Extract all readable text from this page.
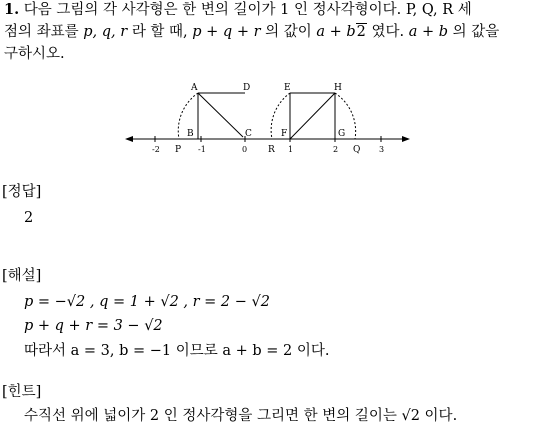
1. 다음 그림의 각 사각형은 한 변의 길이가 1 인 정사각형이다. P, Q, R 세
점의 좌표를 p, q, r 라 할 때, p + q + r 의 값이 a + b2 였다. a + b 의 값을
구하시오.
A	D	E	H
B	C	F	G
-2 P -1	0 R 1	2 Q 3
[정답]
2
[해설]
p = −√2 , q = 1 + √2 , r = 2 − √2
p + q + r = 3 − √2
따라서 a = 3, b = −1 이므로 a + b = 2 이다.
[힌트]
수직선 위에 넓이가 2 인 정사각형을 그리면 한 변의 길이는 √2 이다.
